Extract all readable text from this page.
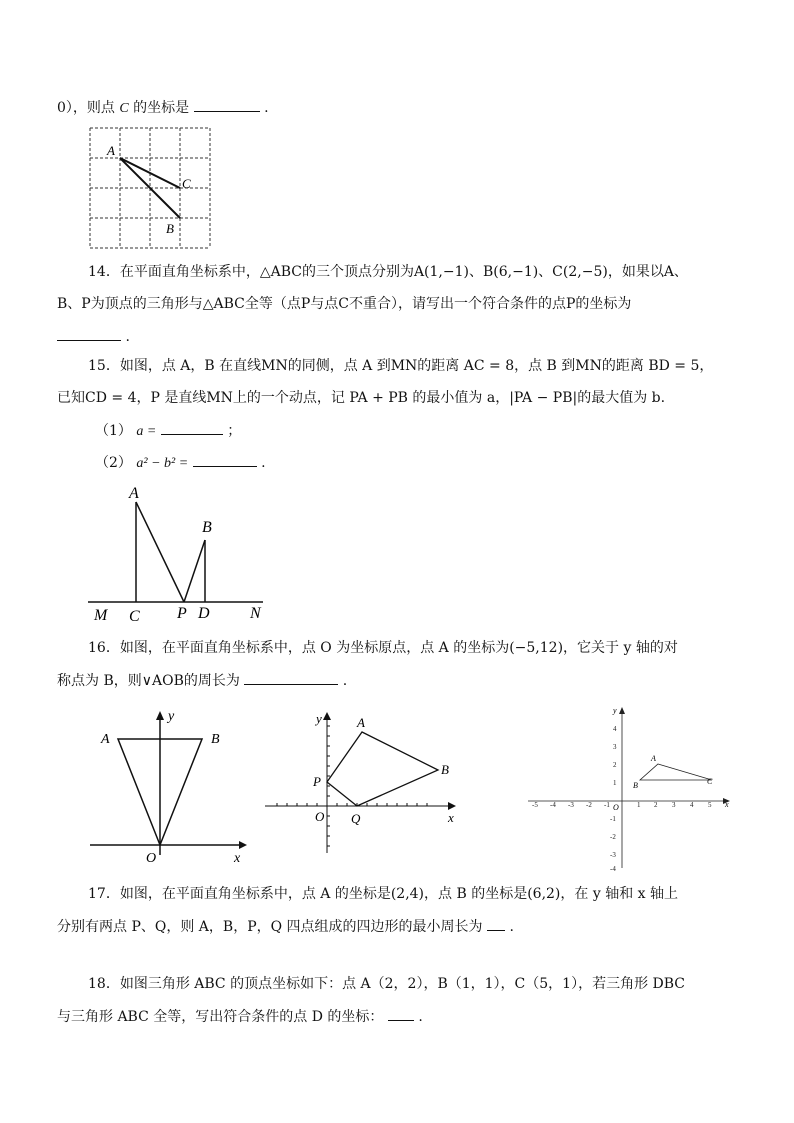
0），则点 C 的坐标是	.
A
C
B
14．在平面直角坐标系中，△ABC的三个顶点分别为A(1,−1)、B(6,−1)、C(2,−5)，如果以A、
B、P为顶点的三角形与△ABC全等（点P与点C不重合），请写出一个符合条件的点P的坐标为
.
15．如图，点 A，B 在直线MN的同侧，点 A 到MN的距离 AC = 8，点 B 到MN的距离 BD = 5，
已知CD = 4，P 是直线MN上的一个动点，记 PA + PB 的最小值为 a，|PA − PB|的最大值为 b.
（1） a =	；
（2） a² − b² =	.
A
B
M C P D	N
16．如图，在平面直角坐标系中，点 O 为坐标原点，点 A 的坐标为(−5,12)，它关于 y 轴的对
称点为 B，则∨AOB的周长为	.
A	B
O
y
x
y
x
A
B
P
O Q
y
x
O
A
B	C
-5 -4 -3 -2 -1	1 2 3 4 5
4
3
2
1
-1
-2
-3
-4
17．如图，在平面直角坐标系中，点 A 的坐标是(2,4)，点 B 的坐标是(6,2)，在 y 轴和 x 轴上
分别有两点 P、Q，则 A，B，P，Q 四点组成的四边形的最小周长为 .
18．如图三角形 ABC 的顶点坐标如下：点 A（2，2），B（1，1），C（5，1），若三角形 DBC
与三角形 ABC 全等，写出符合条件的点 D 的坐标： .
